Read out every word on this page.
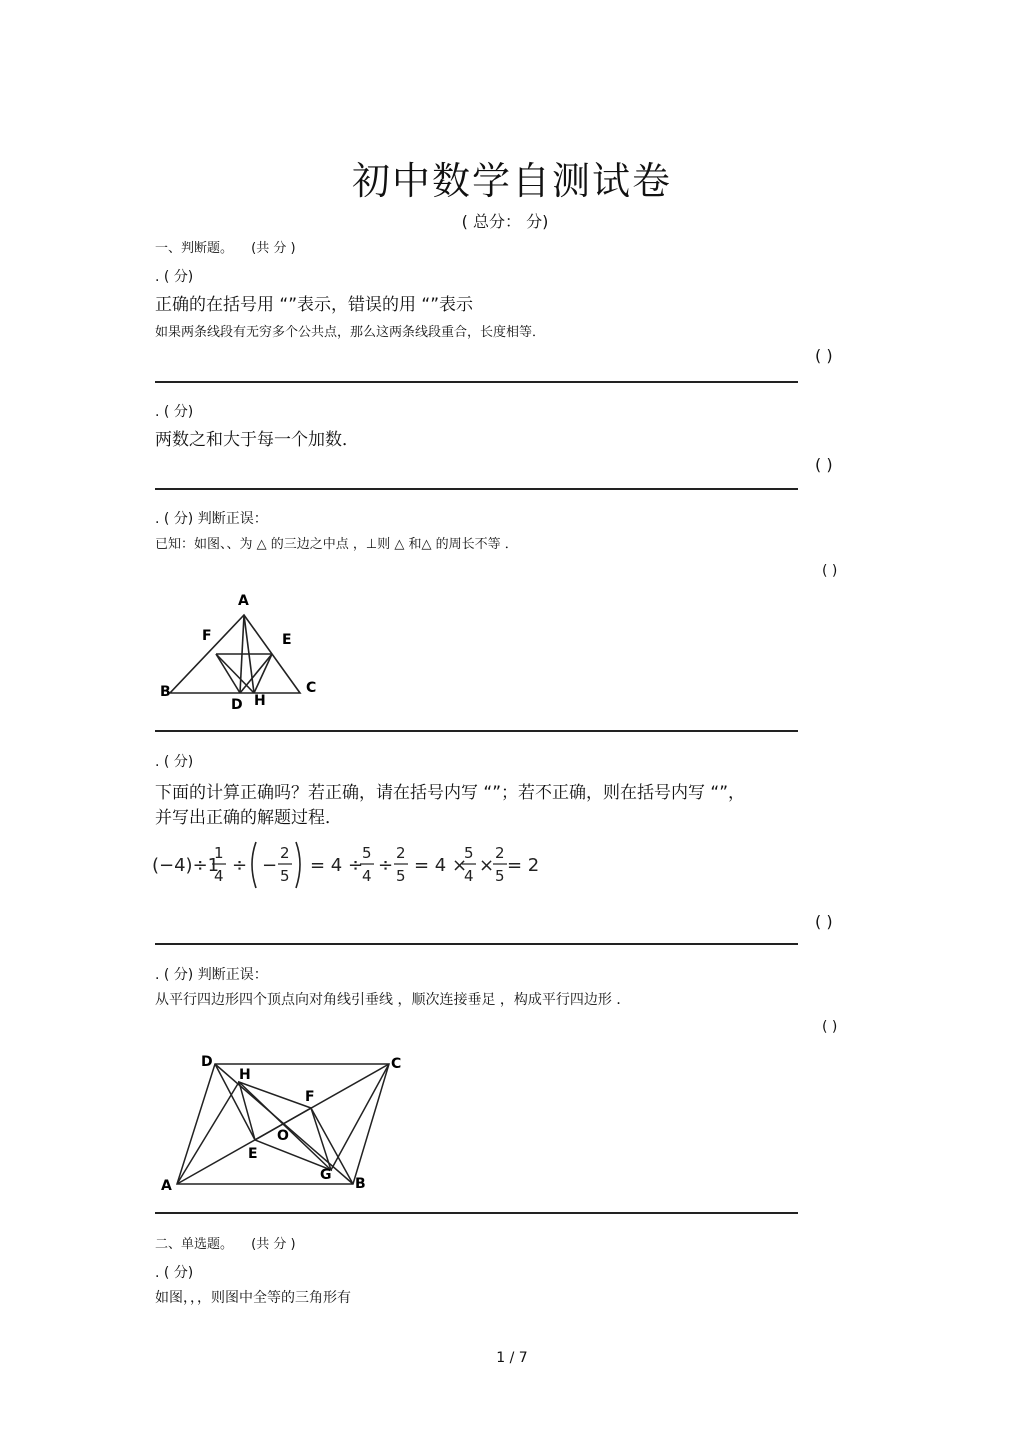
初中数学自测试卷
( 总分： 分)
一、判断题。 (共 分 )
. ( 分)
正确的在括号用 “”表示，错误的用 “”表示
如果两条线段有无穷多个公共点，那么这两条线段重合，长度相等．
( )
. ( 分)
两数之和大于每一个加数．
( )
. ( 分) 判断正误：
已知：如图、、为 △ 的三边之中点 ，⊥则 △ 和△ 的周长不等 ．
( )
A
F	E
B
D H
C
. ( 分)
下面的计算正确吗？若正确，请在括号内写 “”；若不正确，则在括号内写 “”，
并写出正确的解题过程．
(−4)÷1
1
4 ÷ −
2
5 = 4 ÷
5
4 ÷
2
5 = 4 ×
5
4 ×
2
5 = 2
( )
. ( 分) 判断正误：
从平行四边形四个顶点向对角线引垂线 ，顺次连接垂足 ，构成平行四边形 ．
( )
D
H
C
F
O
E
A
G
B
二、单选题。 (共 分 )
. ( 分)
如图，，，则图中全等的三角形有
1 / 7
